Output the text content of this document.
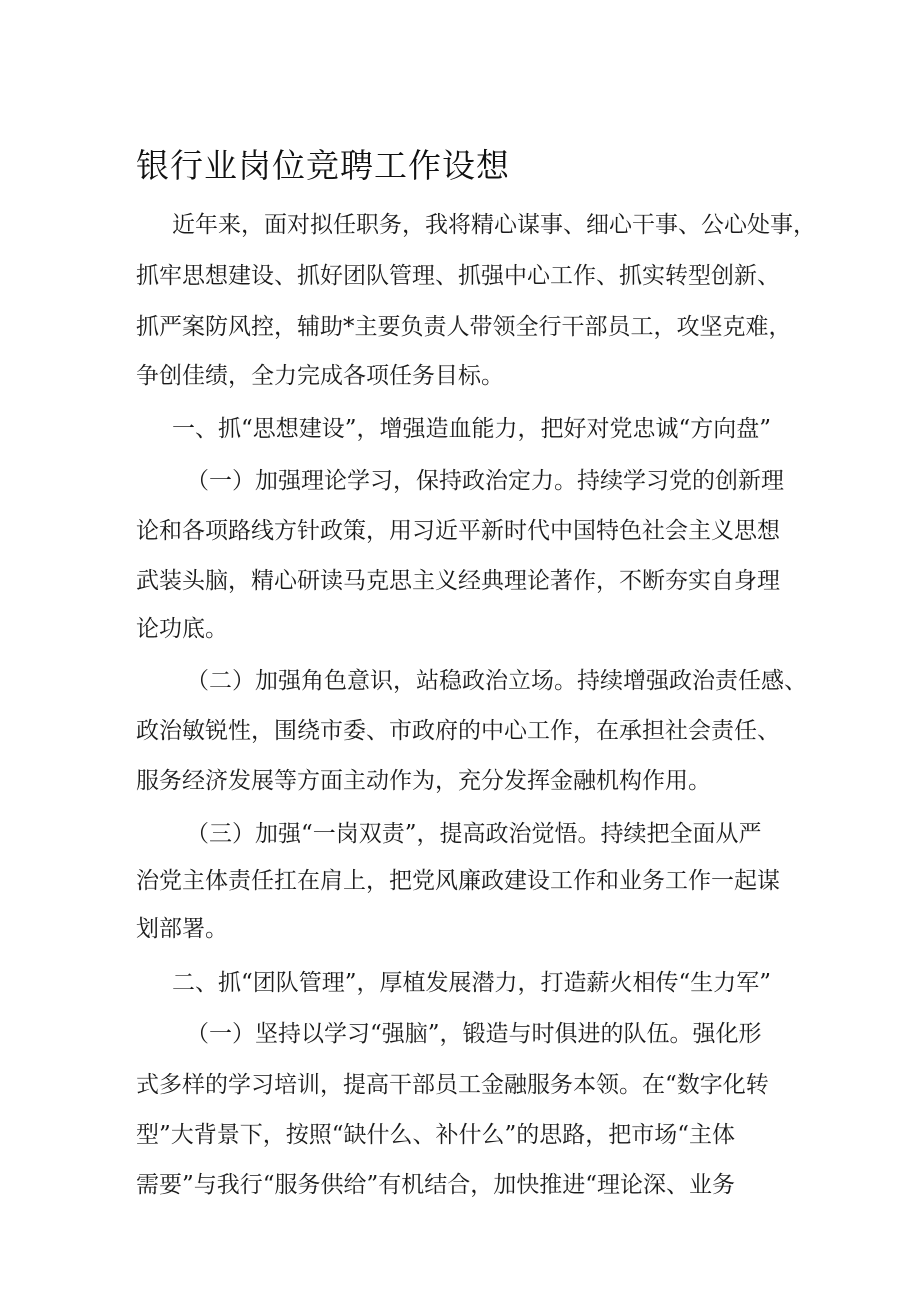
银行业岗位竞聘工作设想
近年来，面对拟任职务，我将精心谋事、细心干事、公心处事，
抓牢思想建设、抓好团队管理、抓强中心工作、抓实转型创新、
抓严案防风控，辅助*主要负责人带领全行干部员工，攻坚克难，
争创佳绩，全力完成各项任务目标。
一、抓“思想建设”，增强造血能力，把好对党忠诚“方向盘”
（一）加强理论学习，保持政治定力。持续学习党的创新理
论和各项路线方针政策，用习近平新时代中国特色社会主义思想
武装头脑，精心研读马克思主义经典理论著作，不断夯实自身理
论功底。
（二）加强角色意识，站稳政治立场。持续增强政治责任感、
政治敏锐性，围绕市委、市政府的中心工作，在承担社会责任、
服务经济发展等方面主动作为，充分发挥金融机构作用。
（三）加强“一岗双责”，提高政治觉悟。持续把全面从严
治党主体责任扛在肩上，把党风廉政建设工作和业务工作一起谋
划部署。
二、抓“团队管理”，厚植发展潜力，打造薪火相传“生力军”
（一）坚持以学习“强脑”，锻造与时俱进的队伍。强化形
式多样的学习培训，提高干部员工金融服务本领。在“数字化转
型”大背景下，按照“缺什么、补什么”的思路，把市场“主体
需要”与我行“服务供给”有机结合，加快推进“理论深、业务
